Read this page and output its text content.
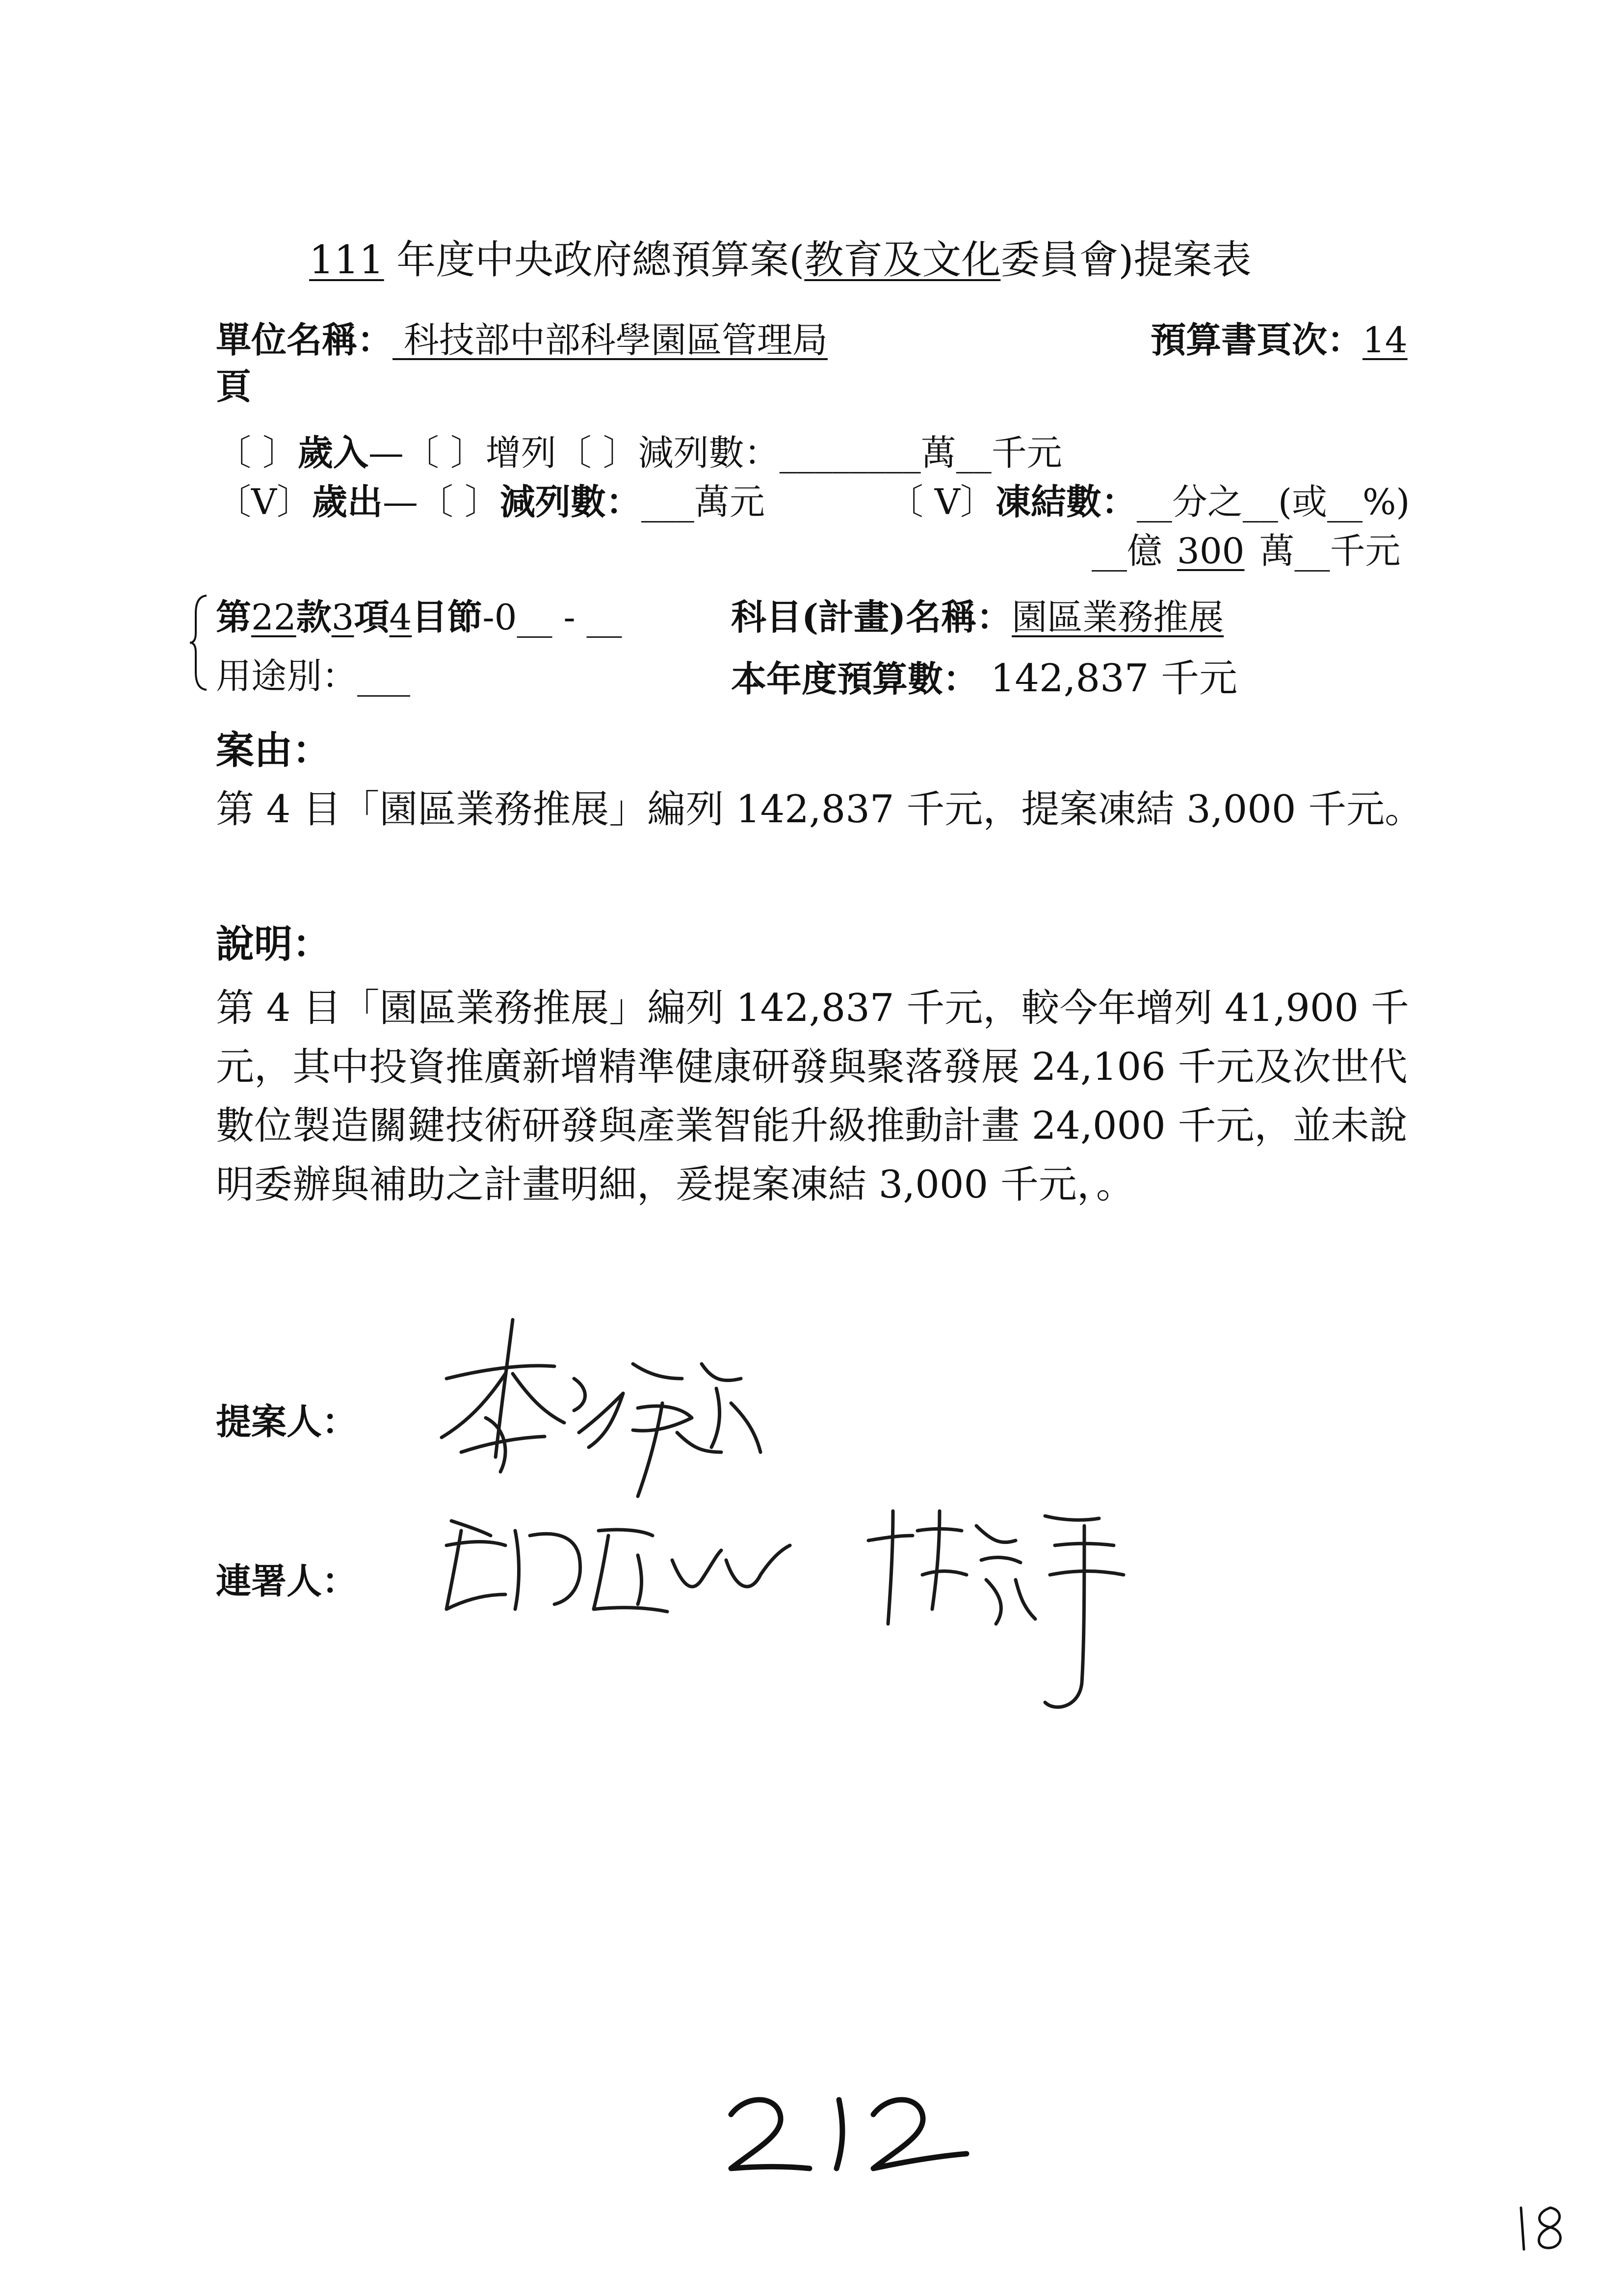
111 年度中央政府總預算案(教育及文化委員會)提案表
單位名稱： 科技部中部科學園區管理局	預算書頁次：14
頁
〔 〕歲入—〔 〕增列〔 〕減列數：________萬__千元
〔V〕歲出—〔 〕減列數：___萬元	〔 V〕凍結數：__分之__(或__%)
__億 300 萬__千元
第22款3項4目節-0__ - __	科目(計畫)名稱：園區業務推展
用途別：___	本年度預算數： 142,837 千元
案由：
第 4 目「園區業務推展」編列 142,837 千元，提案凍結 3,000 千元。
說明：
第 4 目「園區業務推展」編列 142,837 千元，較今年增列 41,900 千
元，其中投資推廣新增精準健康研發與聚落發展 24,106 千元及次世代
數位製造關鍵技術研發與產業智能升級推動計畫 24,000 千元，並未說
明委辦與補助之計畫明細，爰提案凍結 3,000 千元，。
提案人：
連署人：
